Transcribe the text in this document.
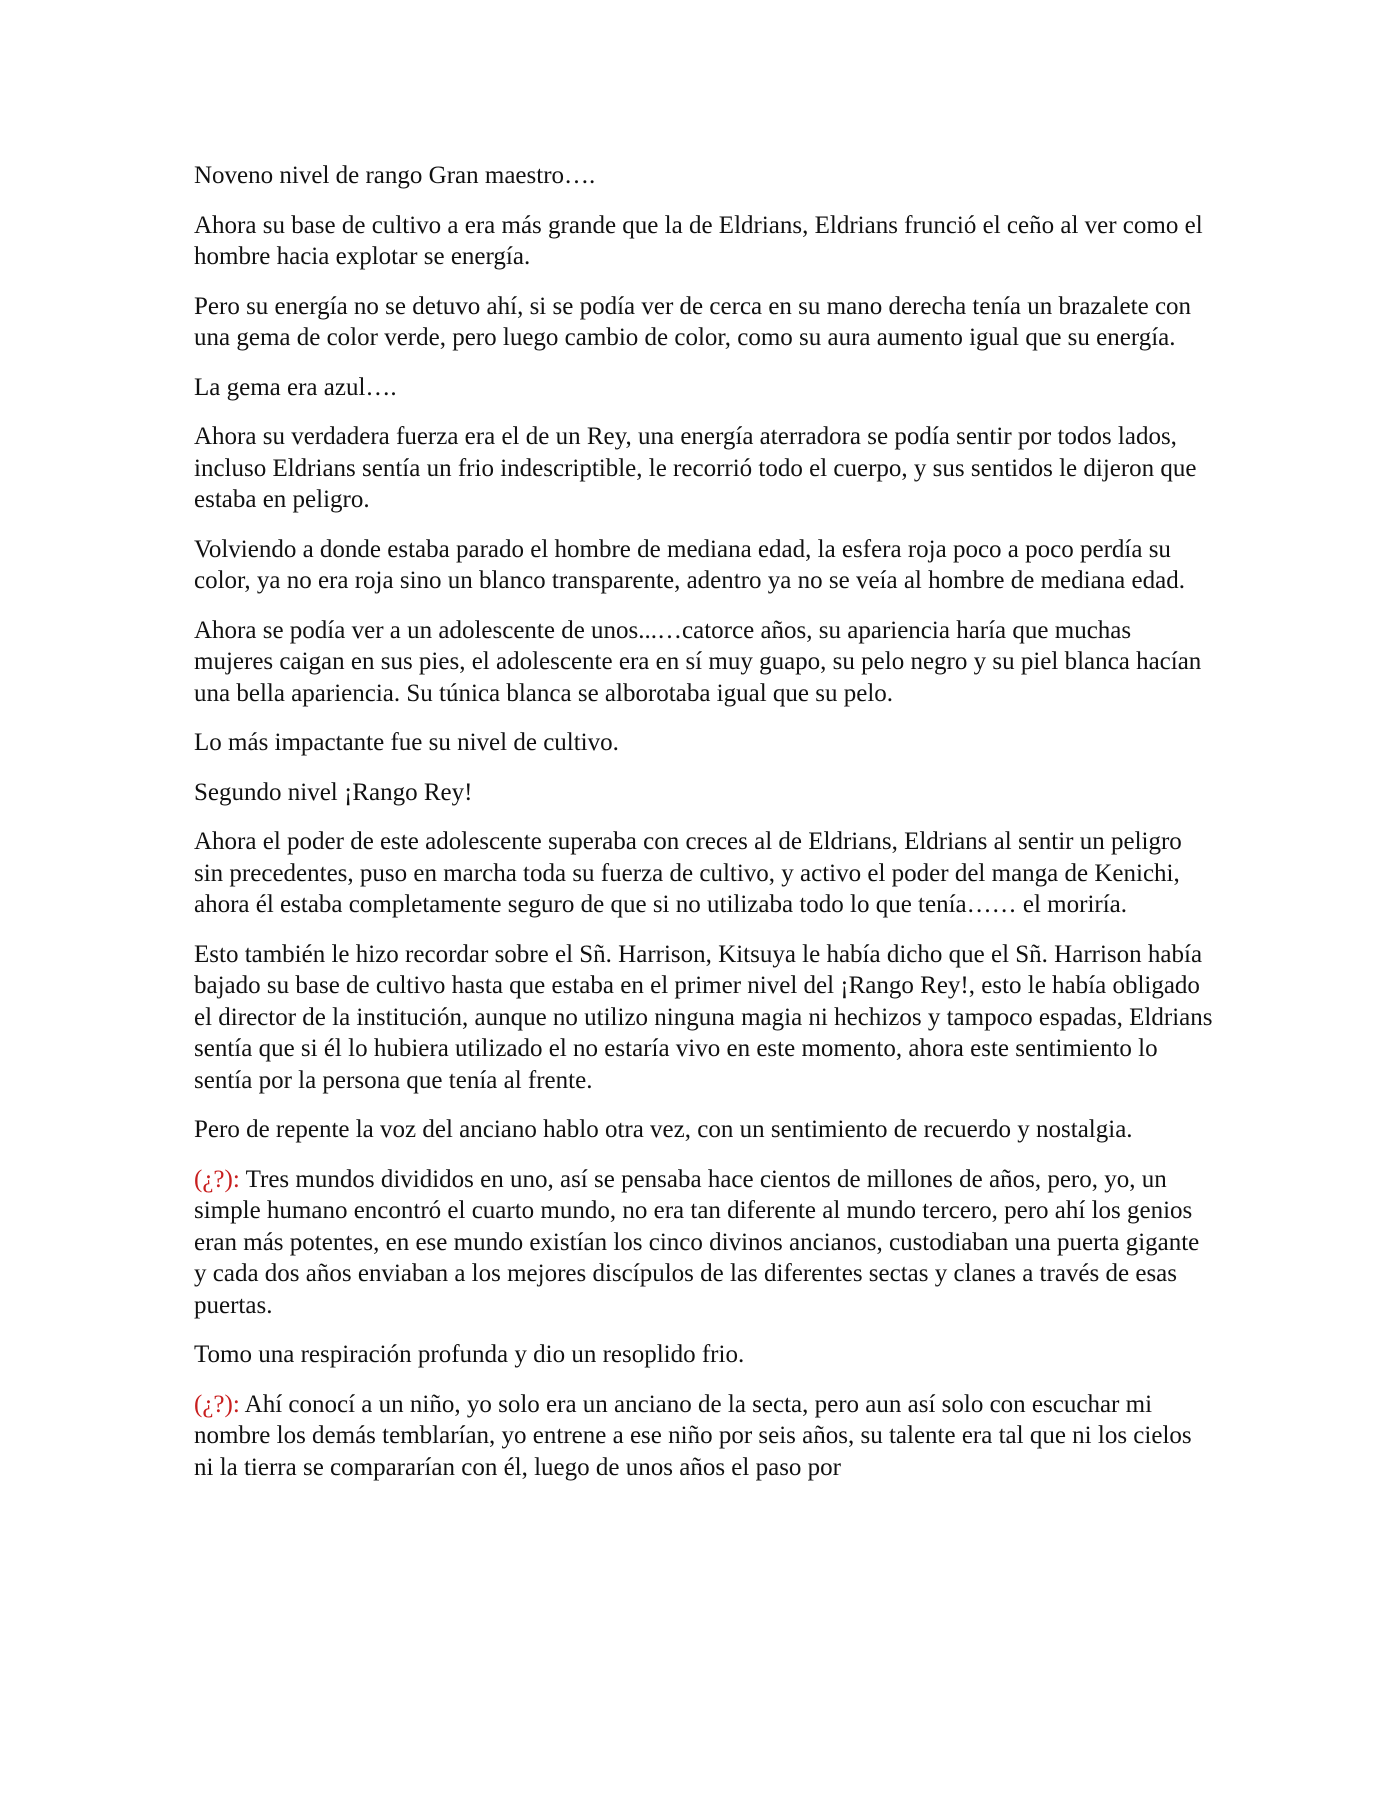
Noveno nivel de rango Gran maestro….

Ahora su base de cultivo a era más grande que la de Eldrians, Eldrians frunció el ceño al ver como el hombre hacia explotar se energía.

Pero su energía no se detuvo ahí, si se podía ver de cerca en su mano derecha tenía un brazalete con una gema de color verde, pero luego cambio de color, como su aura aumento igual que su energía.

La gema era azul….

Ahora su verdadera fuerza era el de un Rey, una energía aterradora se podía sentir por todos lados, incluso Eldrians sentía un frio indescriptible, le recorrió todo el cuerpo, y sus sentidos le dijeron que estaba en peligro.

Volviendo a donde estaba parado el hombre de mediana edad, la esfera roja poco a poco perdía su color, ya no era roja sino un blanco transparente, adentro ya no se veía al hombre de mediana edad.

Ahora se podía ver a un adolescente de unos...…catorce años, su apariencia haría que muchas mujeres caigan en sus pies, el adolescente era en sí muy guapo, su pelo negro y su piel blanca hacían una bella apariencia. Su túnica blanca se alborotaba igual que su pelo.

Lo más impactante fue su nivel de cultivo.

Segundo nivel ¡Rango Rey!

Ahora el poder de este adolescente superaba con creces al de Eldrians, Eldrians al sentir un peligro sin precedentes, puso en marcha toda su fuerza de cultivo, y activo el poder del manga de Kenichi, ahora él estaba completamente seguro de que si no utilizaba todo lo que tenía…… el moriría.

Esto también le hizo recordar sobre el Sñ. Harrison, Kitsuya le había dicho que el Sñ. Harrison había bajado su base de cultivo hasta que estaba en el primer nivel del ¡Rango Rey!, esto le había obligado el director de la institución, aunque no utilizo ninguna magia ni hechizos y tampoco espadas, Eldrians sentía que si él lo hubiera utilizado el no estaría vivo en este momento, ahora este sentimiento lo sentía por la persona que tenía al frente.

Pero de repente la voz del anciano hablo otra vez, con un sentimiento de recuerdo y nostalgia.

(¿?): Tres mundos divididos en uno, así se pensaba hace cientos de millones de años, pero, yo, un simple humano encontró el cuarto mundo, no era tan diferente al mundo tercero, pero ahí los genios eran más potentes, en ese mundo existían los cinco divinos ancianos, custodiaban una puerta gigante y cada dos años enviaban a los mejores discípulos de las diferentes sectas y clanes a través de esas puertas.

Tomo una respiración profunda y dio un resoplido frio.

(¿?): Ahí conocí a un niño, yo solo era un anciano de la secta, pero aun así solo con escuchar mi nombre los demás temblarían, yo entrene a ese niño por seis años, su talente era tal que ni los cielos ni la tierra se compararían con él, luego de unos años el paso por
